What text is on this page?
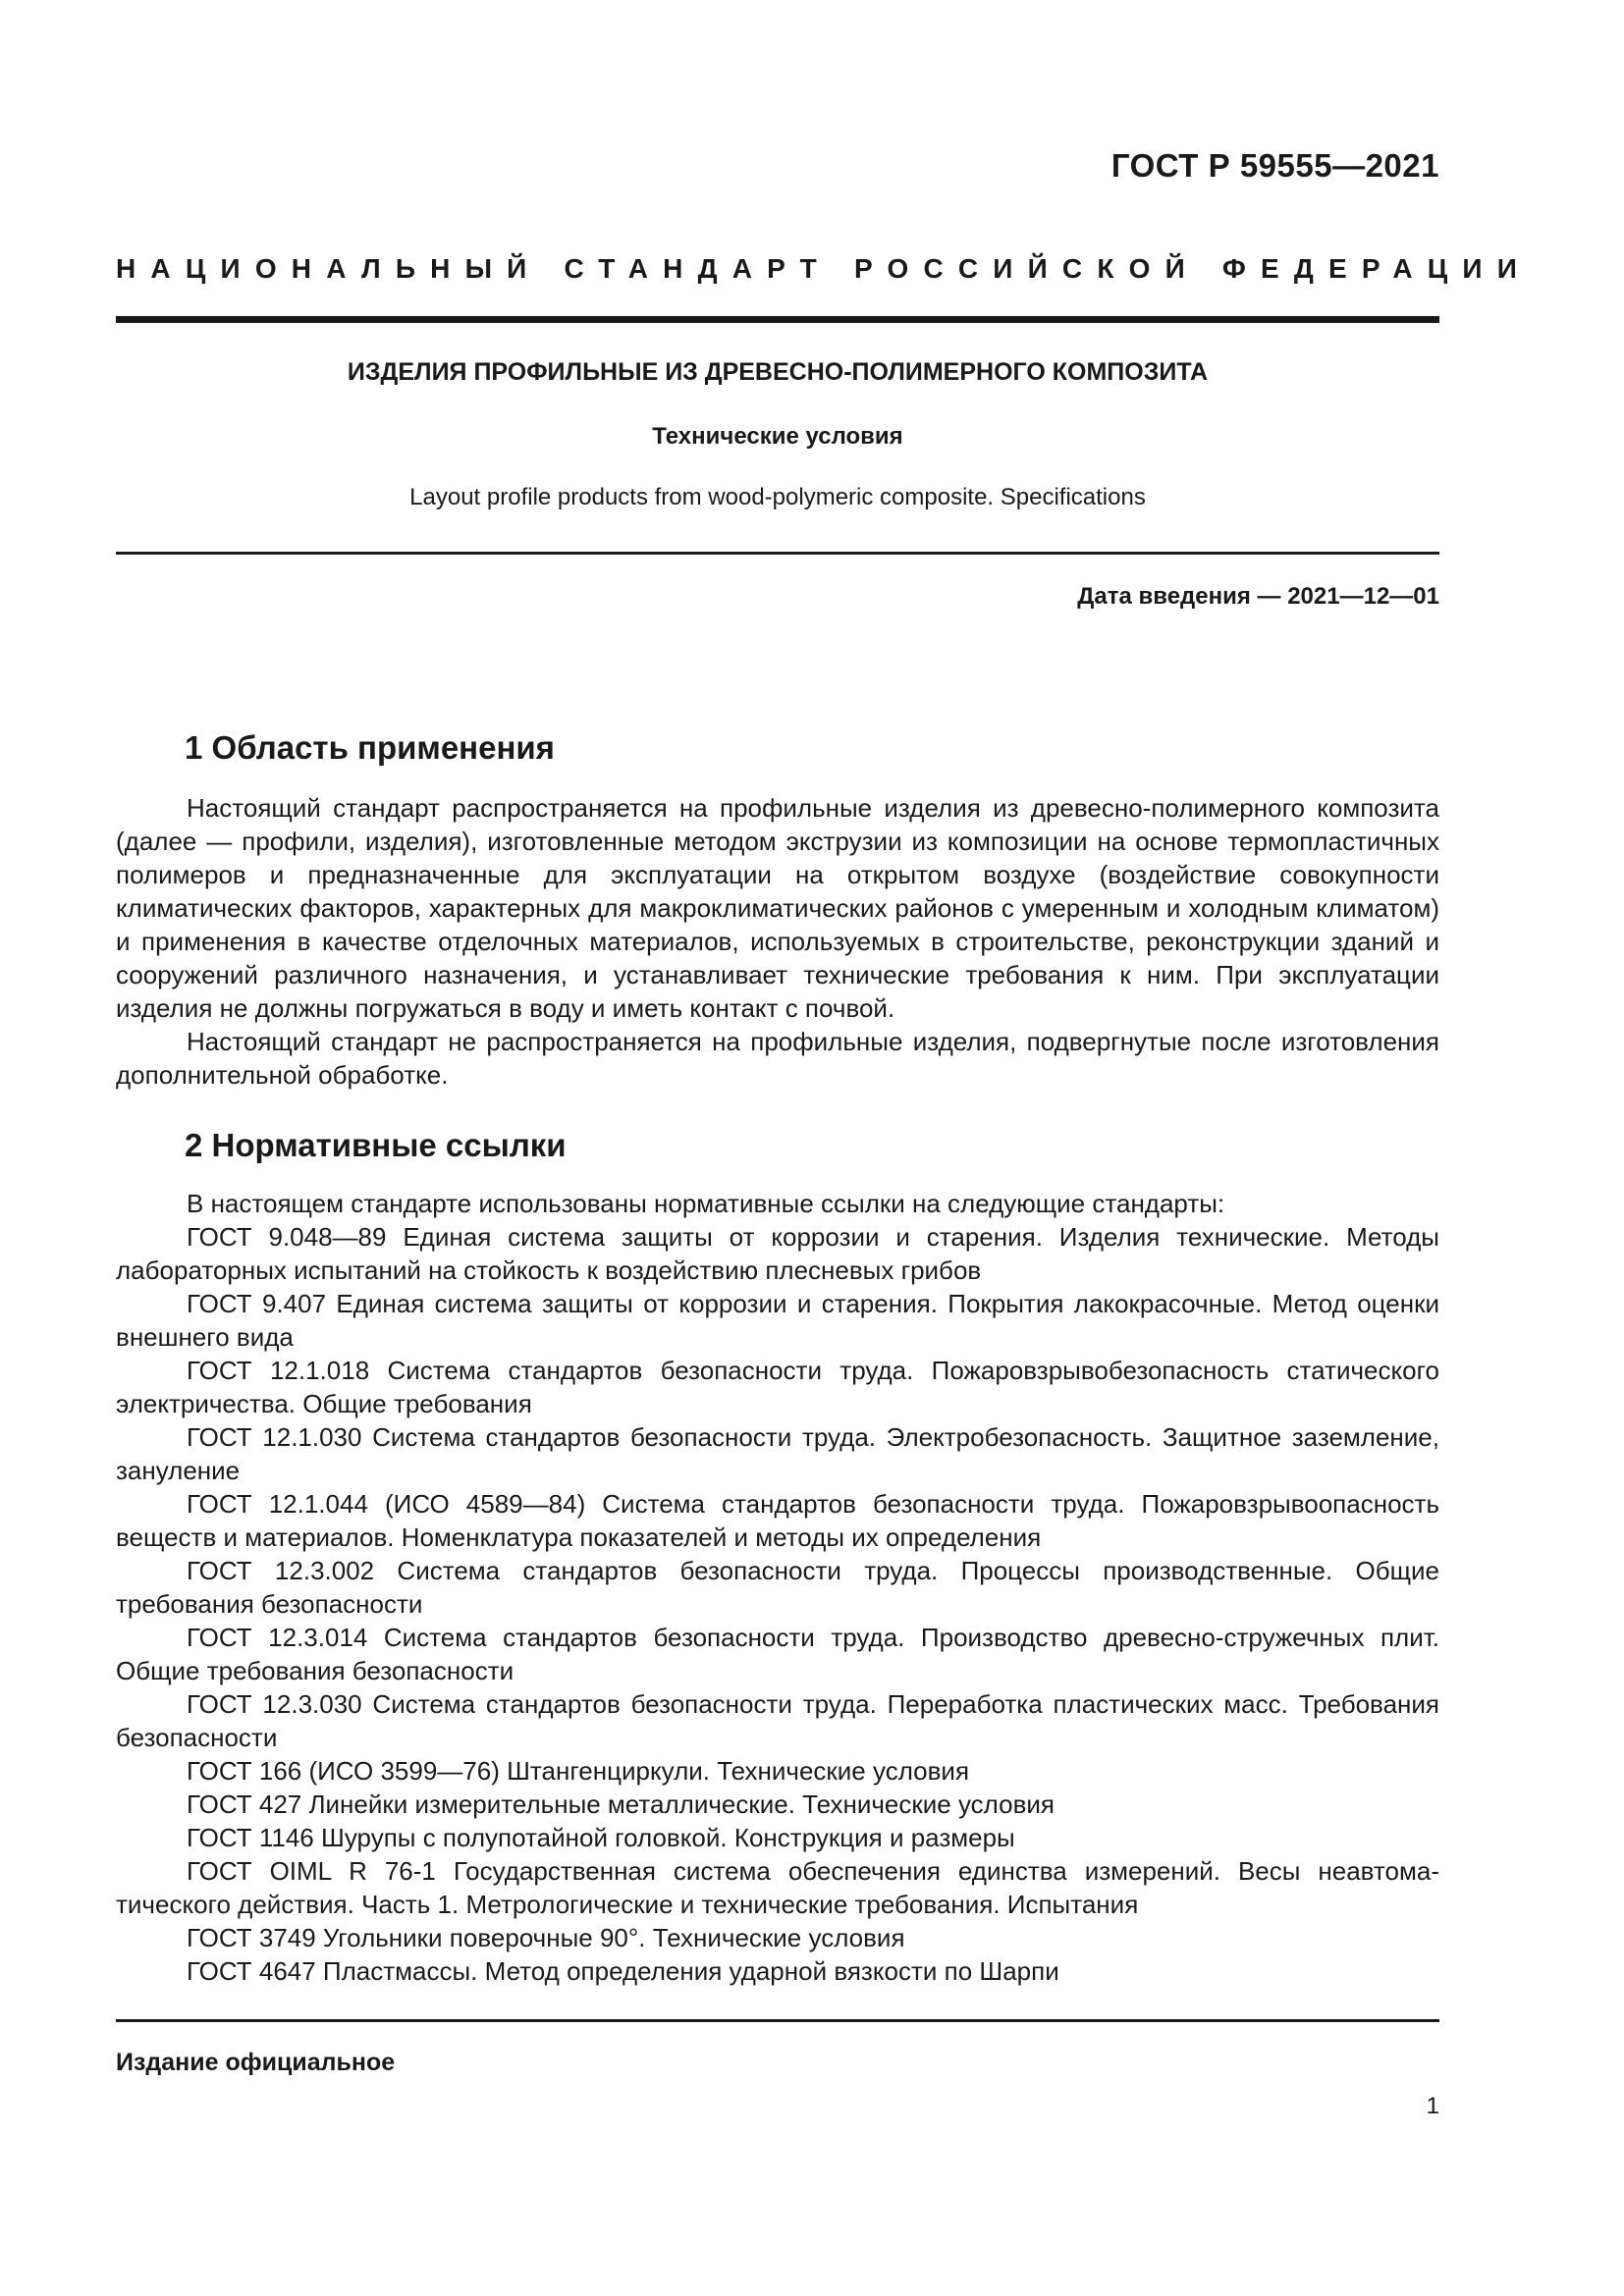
ГОСТ Р 59555—2021
НАЦИОНАЛЬНЫЙ СТАНДАРТ РОССИЙСКОЙ ФЕДЕРАЦИИ
ИЗДЕЛИЯ ПРОФИЛЬНЫЕ ИЗ ДРЕВЕСНО-ПОЛИМЕРНОГО КОМПОЗИТА
Технические условия
Layout profile products from wood-polymeric composite. Specifications
Дата введения — 2021—12—01
1 Область применения

Настоящий стандарт распространяется на профильные изделия из древесно-полимерного композита (далее — профили, изделия), изготовленные методом экструзии из композиции на основе термопластичных полимеров и предназначенные для эксплуатации на открытом воздухе (воздействие совокупности климатических факторов, характерных для макроклиматических районов с умеренным и холодным климатом) и применения в качестве отделочных материалов, используемых в строительстве, реконструкции зданий и сооружений различного назначения, и устанавливает технические требования к ним. При эксплуатации изделия не должны погружаться в воду и иметь контакт с почвой.

Настоящий стандарт не распространяется на профильные изделия, подвергнутые после изготовления дополнительной обработке.

2 Нормативные ссылки

В настоящем стандарте использованы нормативные ссылки на следующие стандарты:

ГОСТ 9.048—89 Единая система защиты от коррозии и старения. Изделия технические. Методы лабораторных испытаний на стойкость к воздействию плесневых грибов

ГОСТ 9.407 Единая система защиты от коррозии и старения. Покрытия лакокрасочные. Метод оценки внешнего вида

ГОСТ 12.1.018 Система стандартов безопасности труда. Пожаровзрывобезопасность статического электричества. Общие требования

ГОСТ 12.1.030 Система стандартов безопасности труда. Электробезопасность. Защитное заземление, зануление

ГОСТ 12.1.044 (ИСО 4589—84) Система стандартов безопасности труда. Пожаровзрывоопасность веществ и материалов. Номенклатура показателей и методы их определения

ГОСТ 12.3.002 Система стандартов безопасности труда. Процессы производственные. Общие требования безопасности

ГОСТ 12.3.014 Система стандартов безопасности труда. Производство древесно-стружечных плит. Общие требования безопасности

ГОСТ 12.3.030 Система стандартов безопасности труда. Переработка пластических масс. Требования безопасности

ГОСТ 166 (ИСО 3599—76) Штангенциркули. Технические условия

ГОСТ 427 Линейки измерительные металлические. Технические условия

ГОСТ 1146 Шурупы с полупотайной головкой. Конструкция и размеры

ГОСТ OIML R 76-1 Государственная система обеспечения единства измерений. Весы неавтоматического действия. Часть 1. Метрологические и технические требования. Испытания

ГОСТ 3749 Угольники поверочные 90°. Технические условия

ГОСТ 4647 Пластмассы. Метод определения ударной вязкости по Шарпи

Издание официальное
1
